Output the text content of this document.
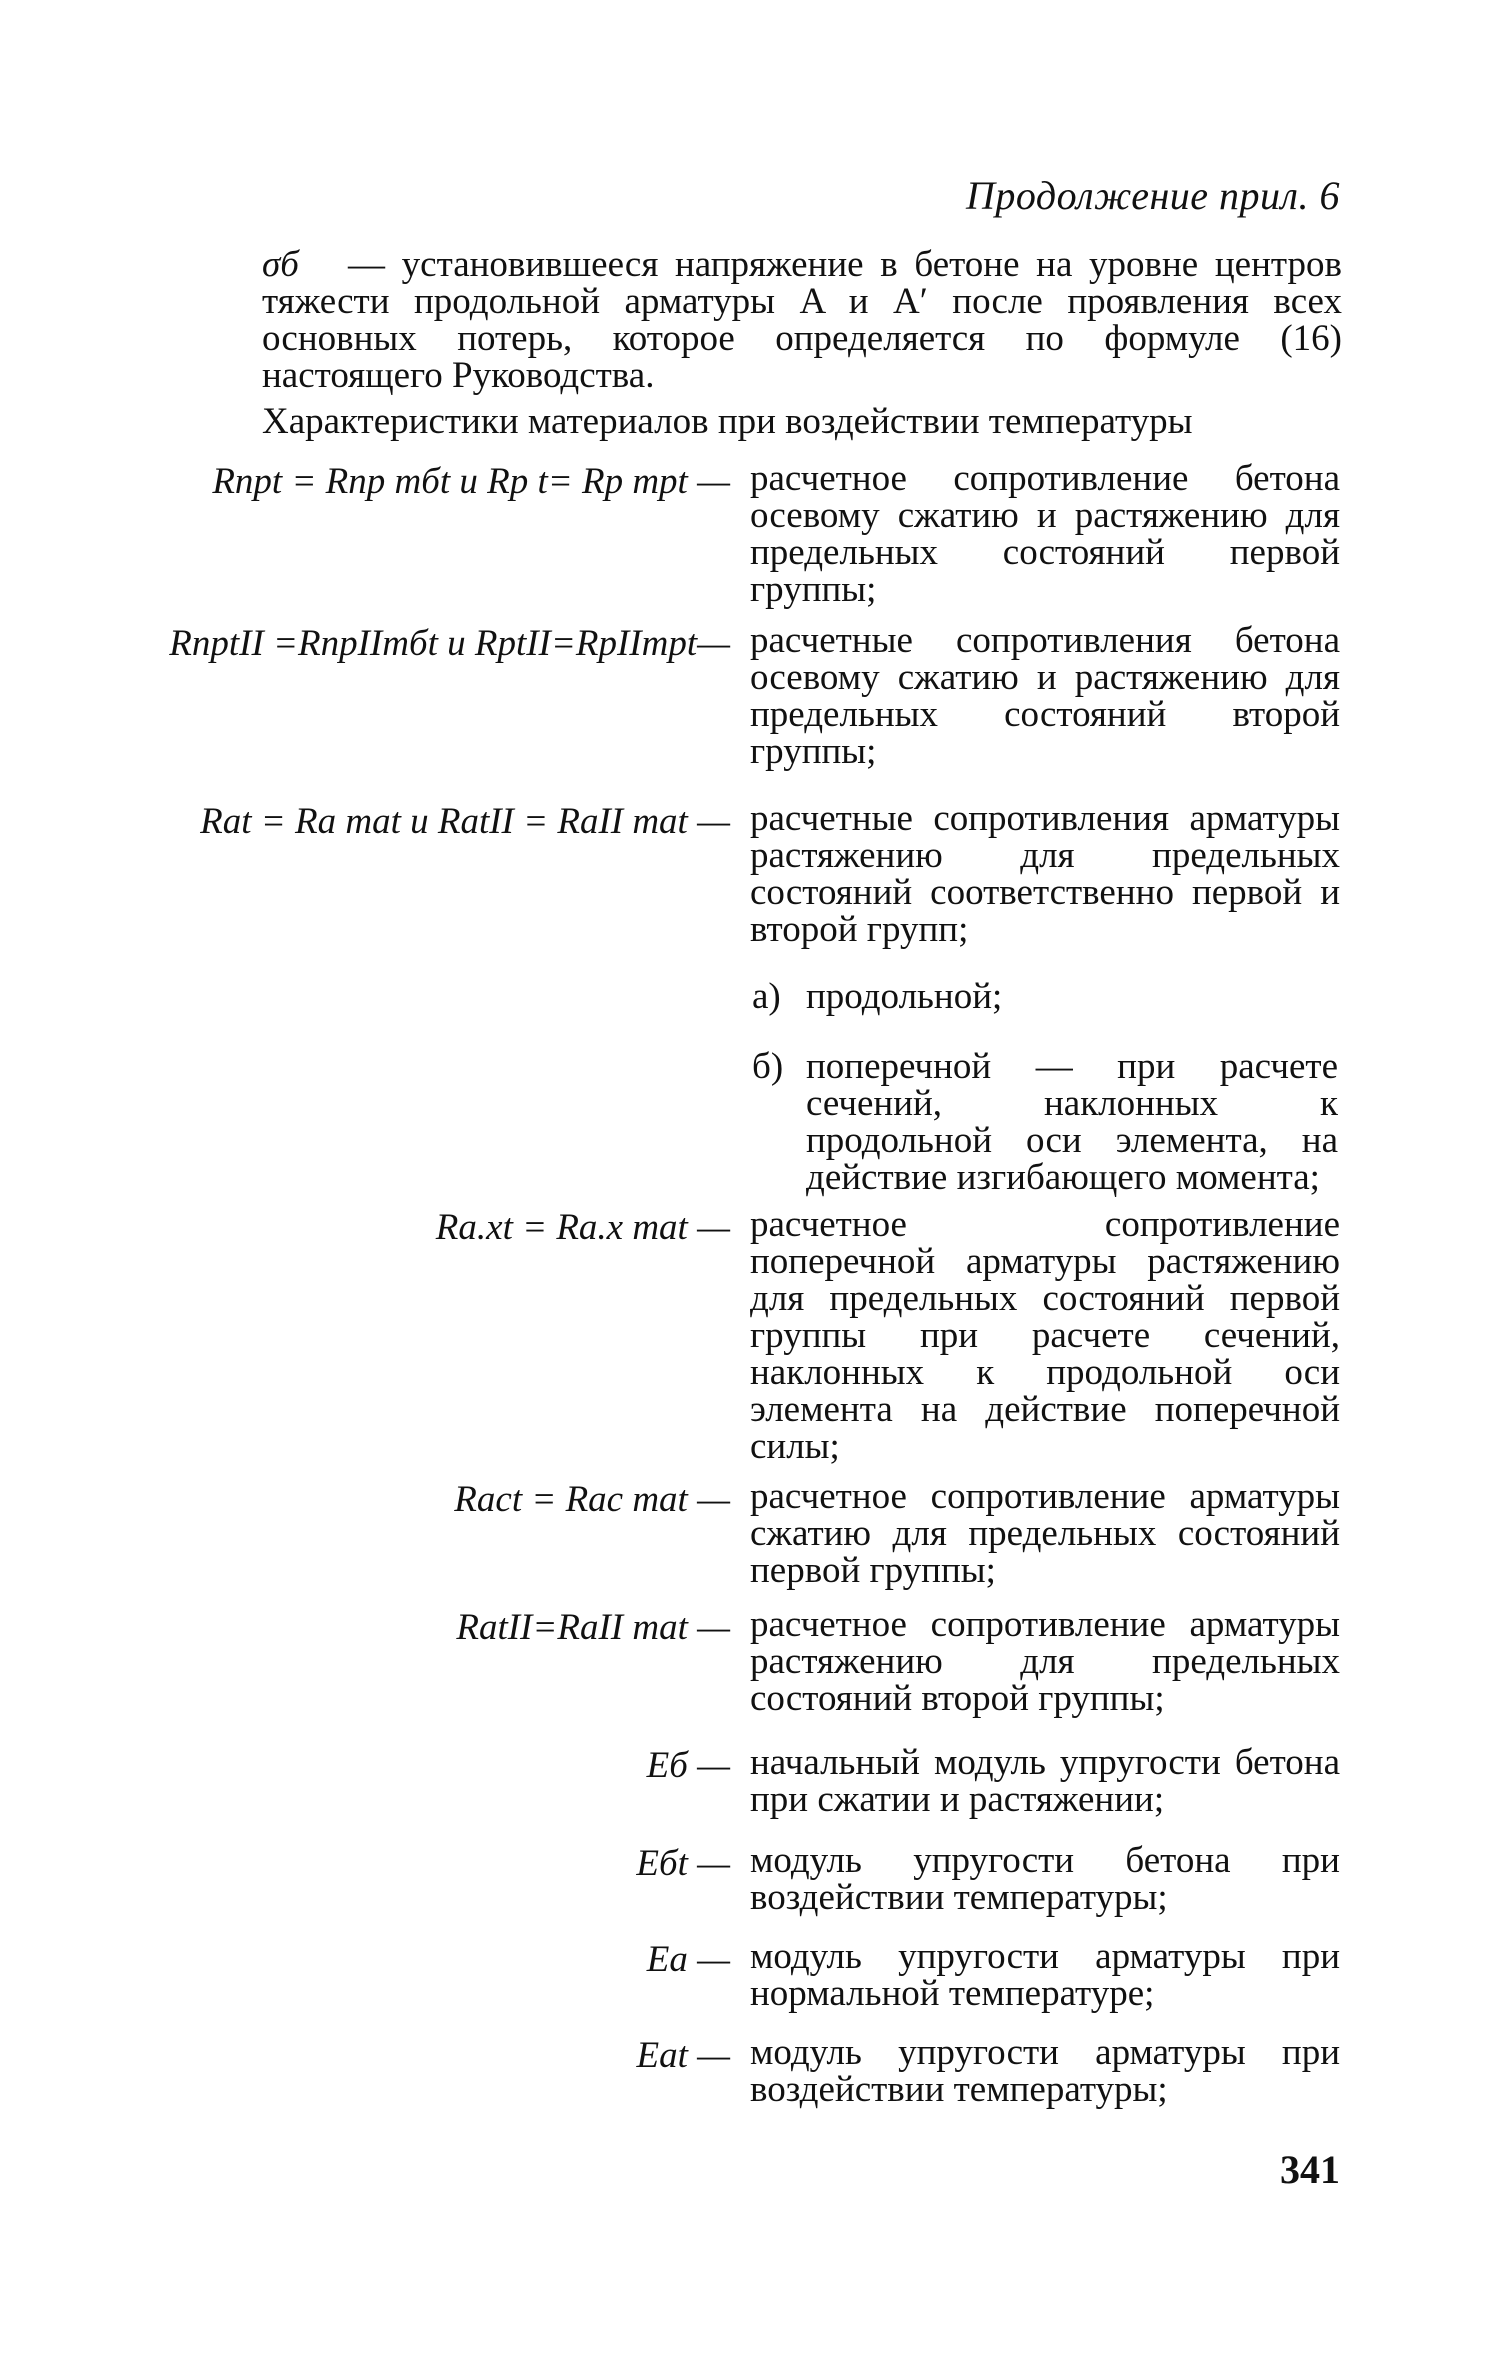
Продолжение прил. 6
σб — установившееся напряжение в бетоне на уровне центров тяжести продольной арматуры A и A′ после проявления всех основных потерь, которое определяется по формуле (16) настоящего Руководства.
Характеристики материалов при воздействии температуры
Rпрt = Rпр mбt и Rр t= Rр mрt — расчетное сопротивление бетона осевому сжатию и растяжению для предельных состояний первой группы;
RпрtII =RпрIImбt и RрtII=RрIImрt— расчетные сопротивления бетона осевому сжатию и растяжению для предельных состояний второй группы;
Rаt = Rа mаt и RаtII = RаII mаt — расчетные сопротивления арматуры растяжению для предельных состояний соответственно первой и второй групп;
а) продольной;
б) поперечной — при расчете сечений, наклонных к продольной оси элемента, на действие изгибающего момента;
Rа.хt = Rа.х mаt — расчетное сопротивление поперечной арматуры растяжению для предельных состояний первой группы при расчете сечений, наклонных к продольной оси элемента на действие поперечной силы;
Rаct = Rаc mаt — расчетное сопротивление арматуры сжатию для предельных состояний первой группы;
RаtII=RаII mаt — расчетное сопротивление арматуры растяжению для предельных состояний второй группы;
Eб — начальный модуль упругости бетона при сжатии и растяжении;
Eбt — модуль упругости бетона при воздействии температуры;
Eа — модуль упругости арматуры при нормальной температуре;
Eаt — модуль упругости арматуры при воздействии температуры;
341
